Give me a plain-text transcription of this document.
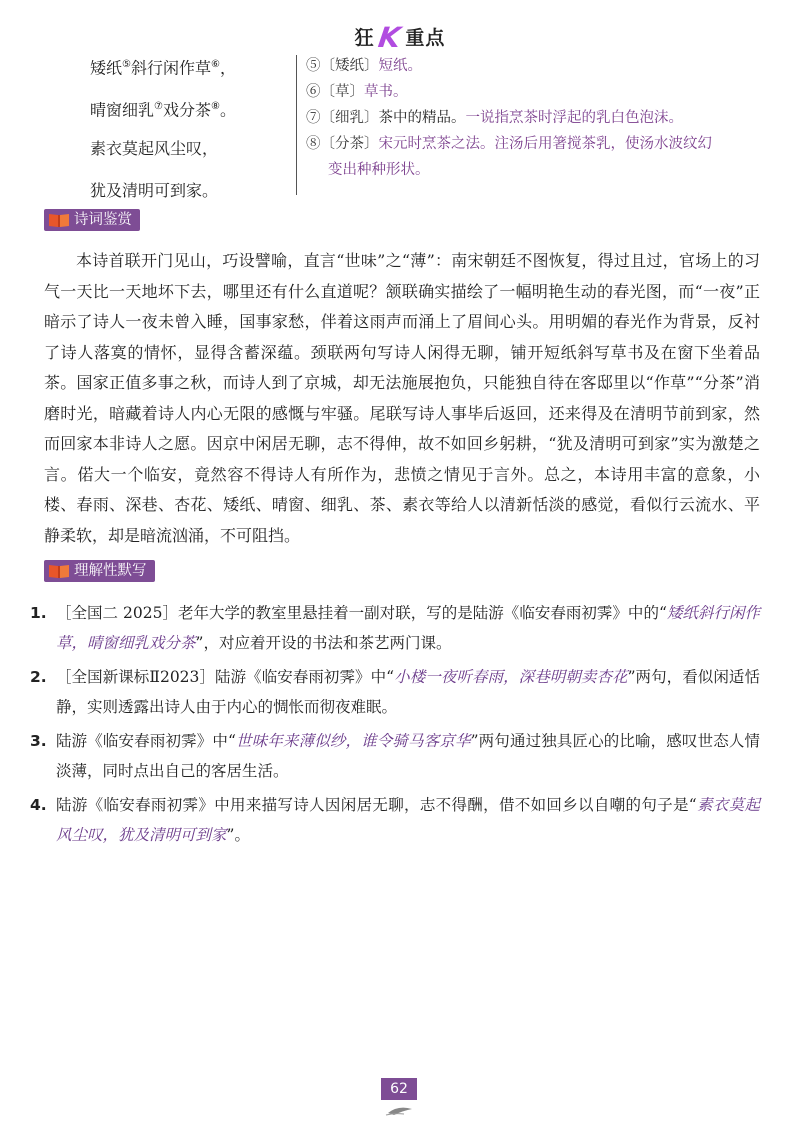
狂K 重点
矮纸⑤斜行闲作草⑥，
晴窗细乳⑦戏分茶⑧。
素衣莫起风尘叹，
犹及清明可到家。
⑤〔矮纸〕短纸。
⑥〔草〕草书。
⑦〔细乳〕茶中的精品。一说指烹茶时浮起的乳白色泡沫。
⑧〔分茶〕宋元时烹茶之法。注汤后用箸搅茶乳，使汤水波纹幻
变出种种形状。
诗词鉴赏

本诗首联开门见山，巧设譬喻，直言“世味”之“薄”：南宋朝廷不图恢复，得过且过，官场上的习气一天比一天地坏下去，哪里还有什么直道呢？颔联确实描绘了一幅明艳生动的春光图，而“一夜”正暗示了诗人一夜未曾入睡，国事家愁，伴着这雨声而涌上了眉间心头。用明媚的春光作为背景，反衬了诗人落寞的情怀，显得含蓄深蕴。颈联两句写诗人闲得无聊，铺开短纸斜写草书及在窗下坐着品茶。国家正值多事之秋，而诗人到了京城，却无法施展抱负，只能独自待在客邸里以“作草”“分茶”消磨时光，暗藏着诗人内心无限的感慨与牢骚。尾联写诗人事毕后返回，还来得及在清明节前到家，然而回家本非诗人之愿。因京中闲居无聊，志不得伸，故不如回乡躬耕，“犹及清明可到家”实为激楚之言。偌大一个临安，竟然容不得诗人有所作为，悲愤之情见于言外。总之，本诗用丰富的意象，小楼、春雨、深巷、杏花、矮纸、晴窗、细乳、茶、素衣等给人以清新恬淡的感觉，看似行云流水、平静柔软，却是暗流汹涌，不可阻挡。

理解性默写
1. ［全国二 2025］老年大学的教室里悬挂着一副对联，写的是陆游《临安春雨初霁》中的“矮纸斜行闲作草，晴窗细乳戏分茶”，对应着开设的书法和茶艺两门课。
2. ［全国新课标Ⅱ2023］陆游《临安春雨初霁》中“小楼一夜听春雨，深巷明朝卖杏花”两句，看似闲适恬静，实则透露出诗人由于内心的惆怅而彻夜难眠。
3. 陆游《临安春雨初霁》中“世味年来薄似纱，谁令骑马客京华”两句通过独具匠心的比喻，感叹世态人情淡薄，同时点出自己的客居生活。
4. 陆游《临安春雨初霁》中用来描写诗人因闲居无聊，志不得酬，借不如回乡以自嘲的句子是“素衣莫起风尘叹，犹及清明可到家”。
62
